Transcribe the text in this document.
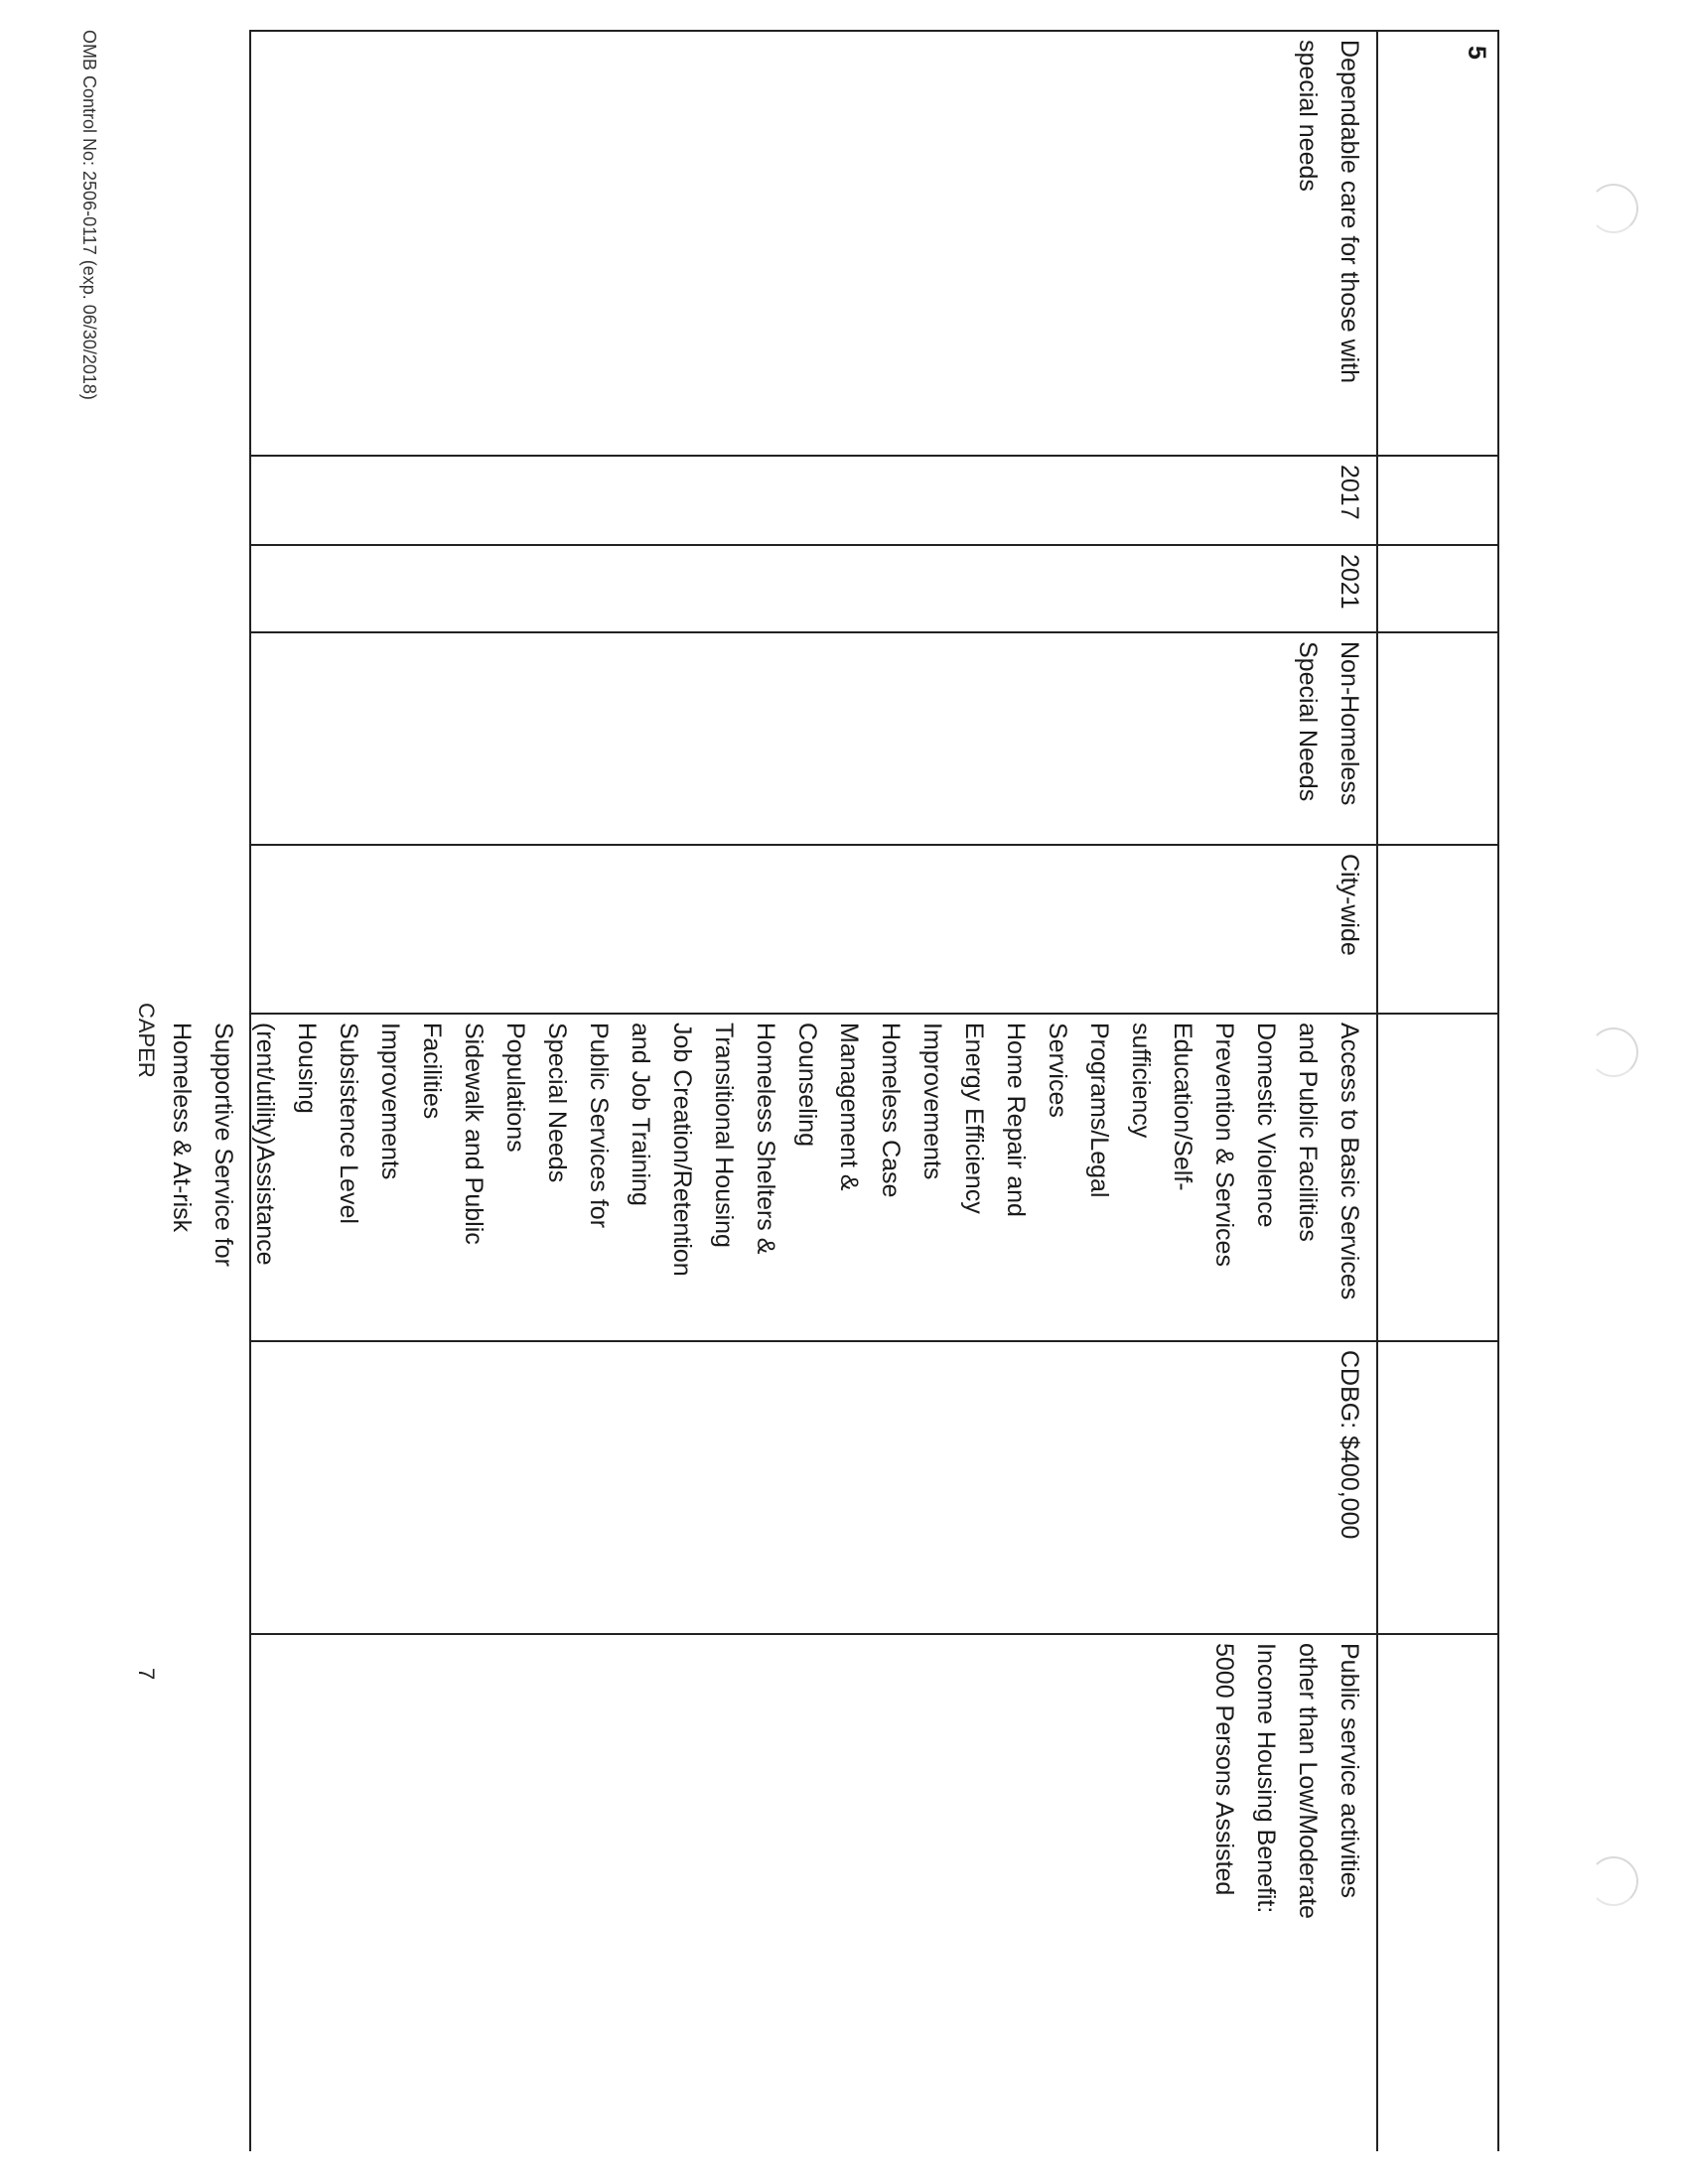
5

Dependable care for those with
special needs
2017
2021
Non-Homeless
Special Needs
City-wide
Access to Basic Services
and Public Facilities
Domestic Violence
Prevention & Services
Education/Self-
sufficiency
Programs/Legal
Services
Home Repair and
Energy Efficiency
Improvements
Homeless Case
Management &
Counseling
Homeless Shelters &
Transitional Housing
Job Creation/Retention
and Job Training
Public Services for
Special Needs
Populations
Sidewalk and Public
Facilities
Improvements
Subsistence Level
Housing
(rent/utility)Assistance
Supportive Service for
Homeless & At-risk
CDBG: $400,000
Public service activities
other than Low/Moderate
Income Housing Benefit:
5000 Persons Assisted
OMB Control No: 2506-0117 (exp. 06/30/2018)
CAPER
7
